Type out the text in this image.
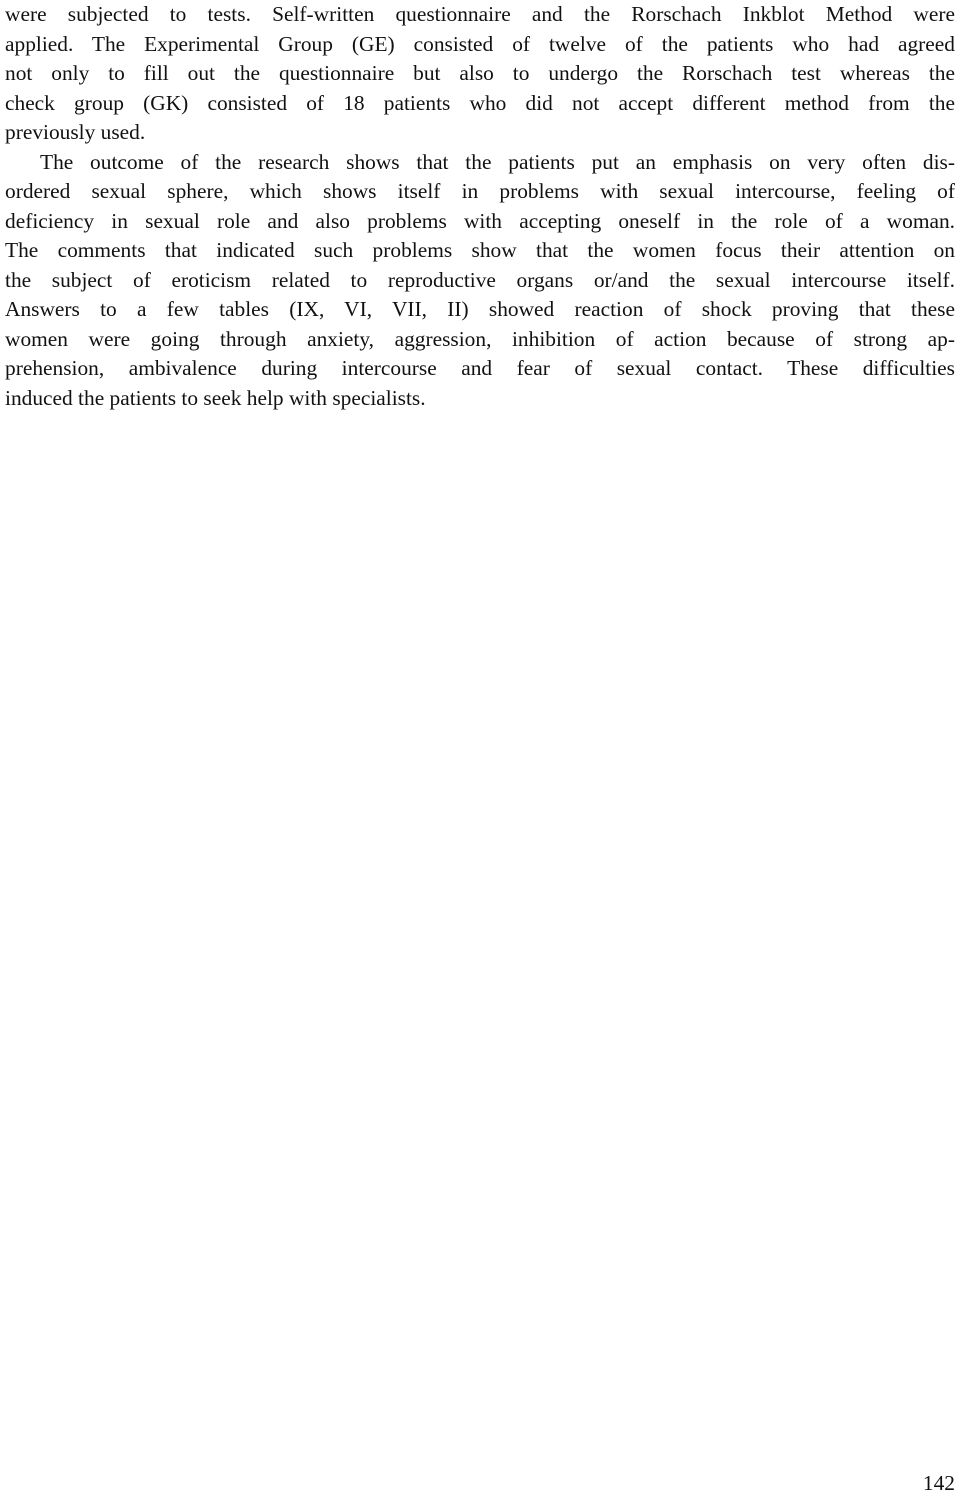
were subjected to tests. Self-written questionnaire and the Rorschach Inkblot Method were
applied. The Experimental Group (GE) consisted of twelve of the patients who had agreed
not only to fill out the questionnaire but also to undergo the Rorschach test whereas the
check group (GK) consisted of 18 patients who did not accept different method from the
previously used.
The outcome of the research shows that the patients put an emphasis on very often dis-
ordered sexual sphere, which shows itself in problems with sexual intercourse, feeling of
deficiency in sexual role and also problems with accepting oneself in the role of a woman.
The comments that indicated such problems show that the women focus their attention on
the subject of eroticism related to reproductive organs or/and the sexual intercourse itself.
Answers to a few tables (IX, VI, VII, II) showed reaction of shock proving that these
women were going through anxiety, aggression, inhibition of action because of strong ap-
prehension, ambivalence during intercourse and fear of sexual contact. These difficulties
induced the patients to seek help with specialists.
142
